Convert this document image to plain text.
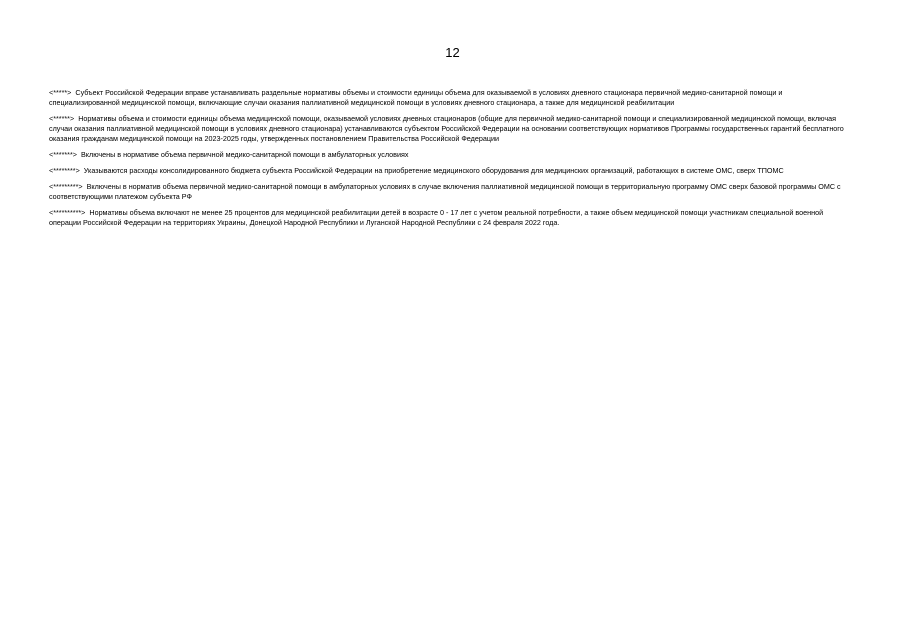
12

<*****> Субъект Российской Федерации вправе устанавливать раздельные нормативы объемы и стоимости единицы объема для оказываемой в условиях дневного стационара первичной медико-санитарной помощи и специализированной медицинской помощи, включающие случаи оказания паллиативной медицинской помощи в условиях дневного стационара, а также для медицинской реабилитации

<******> Нормативы объема и стоимости единицы объема медицинской помощи, оказываемой условиях дневных стационаров (общие для первичной медико-санитарной помощи и специализированной медицинской помощи, включая случаи оказания паллиативной медицинской помощи в условиях дневного стационара) устанавливаются субъектом Российской Федерации на основании соответствующих нормативов Программы государственных гарантий бесплатного оказания гражданам медицинской помощи на 2023-2025 годы, утвержденных постановлением Правительства Российской Федерации

<*******> Включены в нормативе объема первичной медико-санитарной помощи в амбулаторных условиях

<********> Указываются расходы консолидированного бюджета субъекта Российской Федерации на приобретение медицинского оборудования для медицинских организаций, работающих в системе ОМС, сверх ТПОМС

<*********> Включены в норматив объема первичной медико-санитарной помощи в амбулаторных условиях в случае включения паллиативной медицинской помощи в территориальную программу ОМС сверх базовой программы ОМС с соответствующими платежом субъекта РФ

<**********> Нормативы объема включают не менее 25 процентов для медицинской реабилитации детей в возрасте 0 - 17 лет с учетом реальной потребности, а также объем медицинской помощи участникам специальной военной
операции Российской Федерации на территориях Украины, Донецкой Народной Республики и Луганской Народной Республики с 24 февраля 2022 года.
